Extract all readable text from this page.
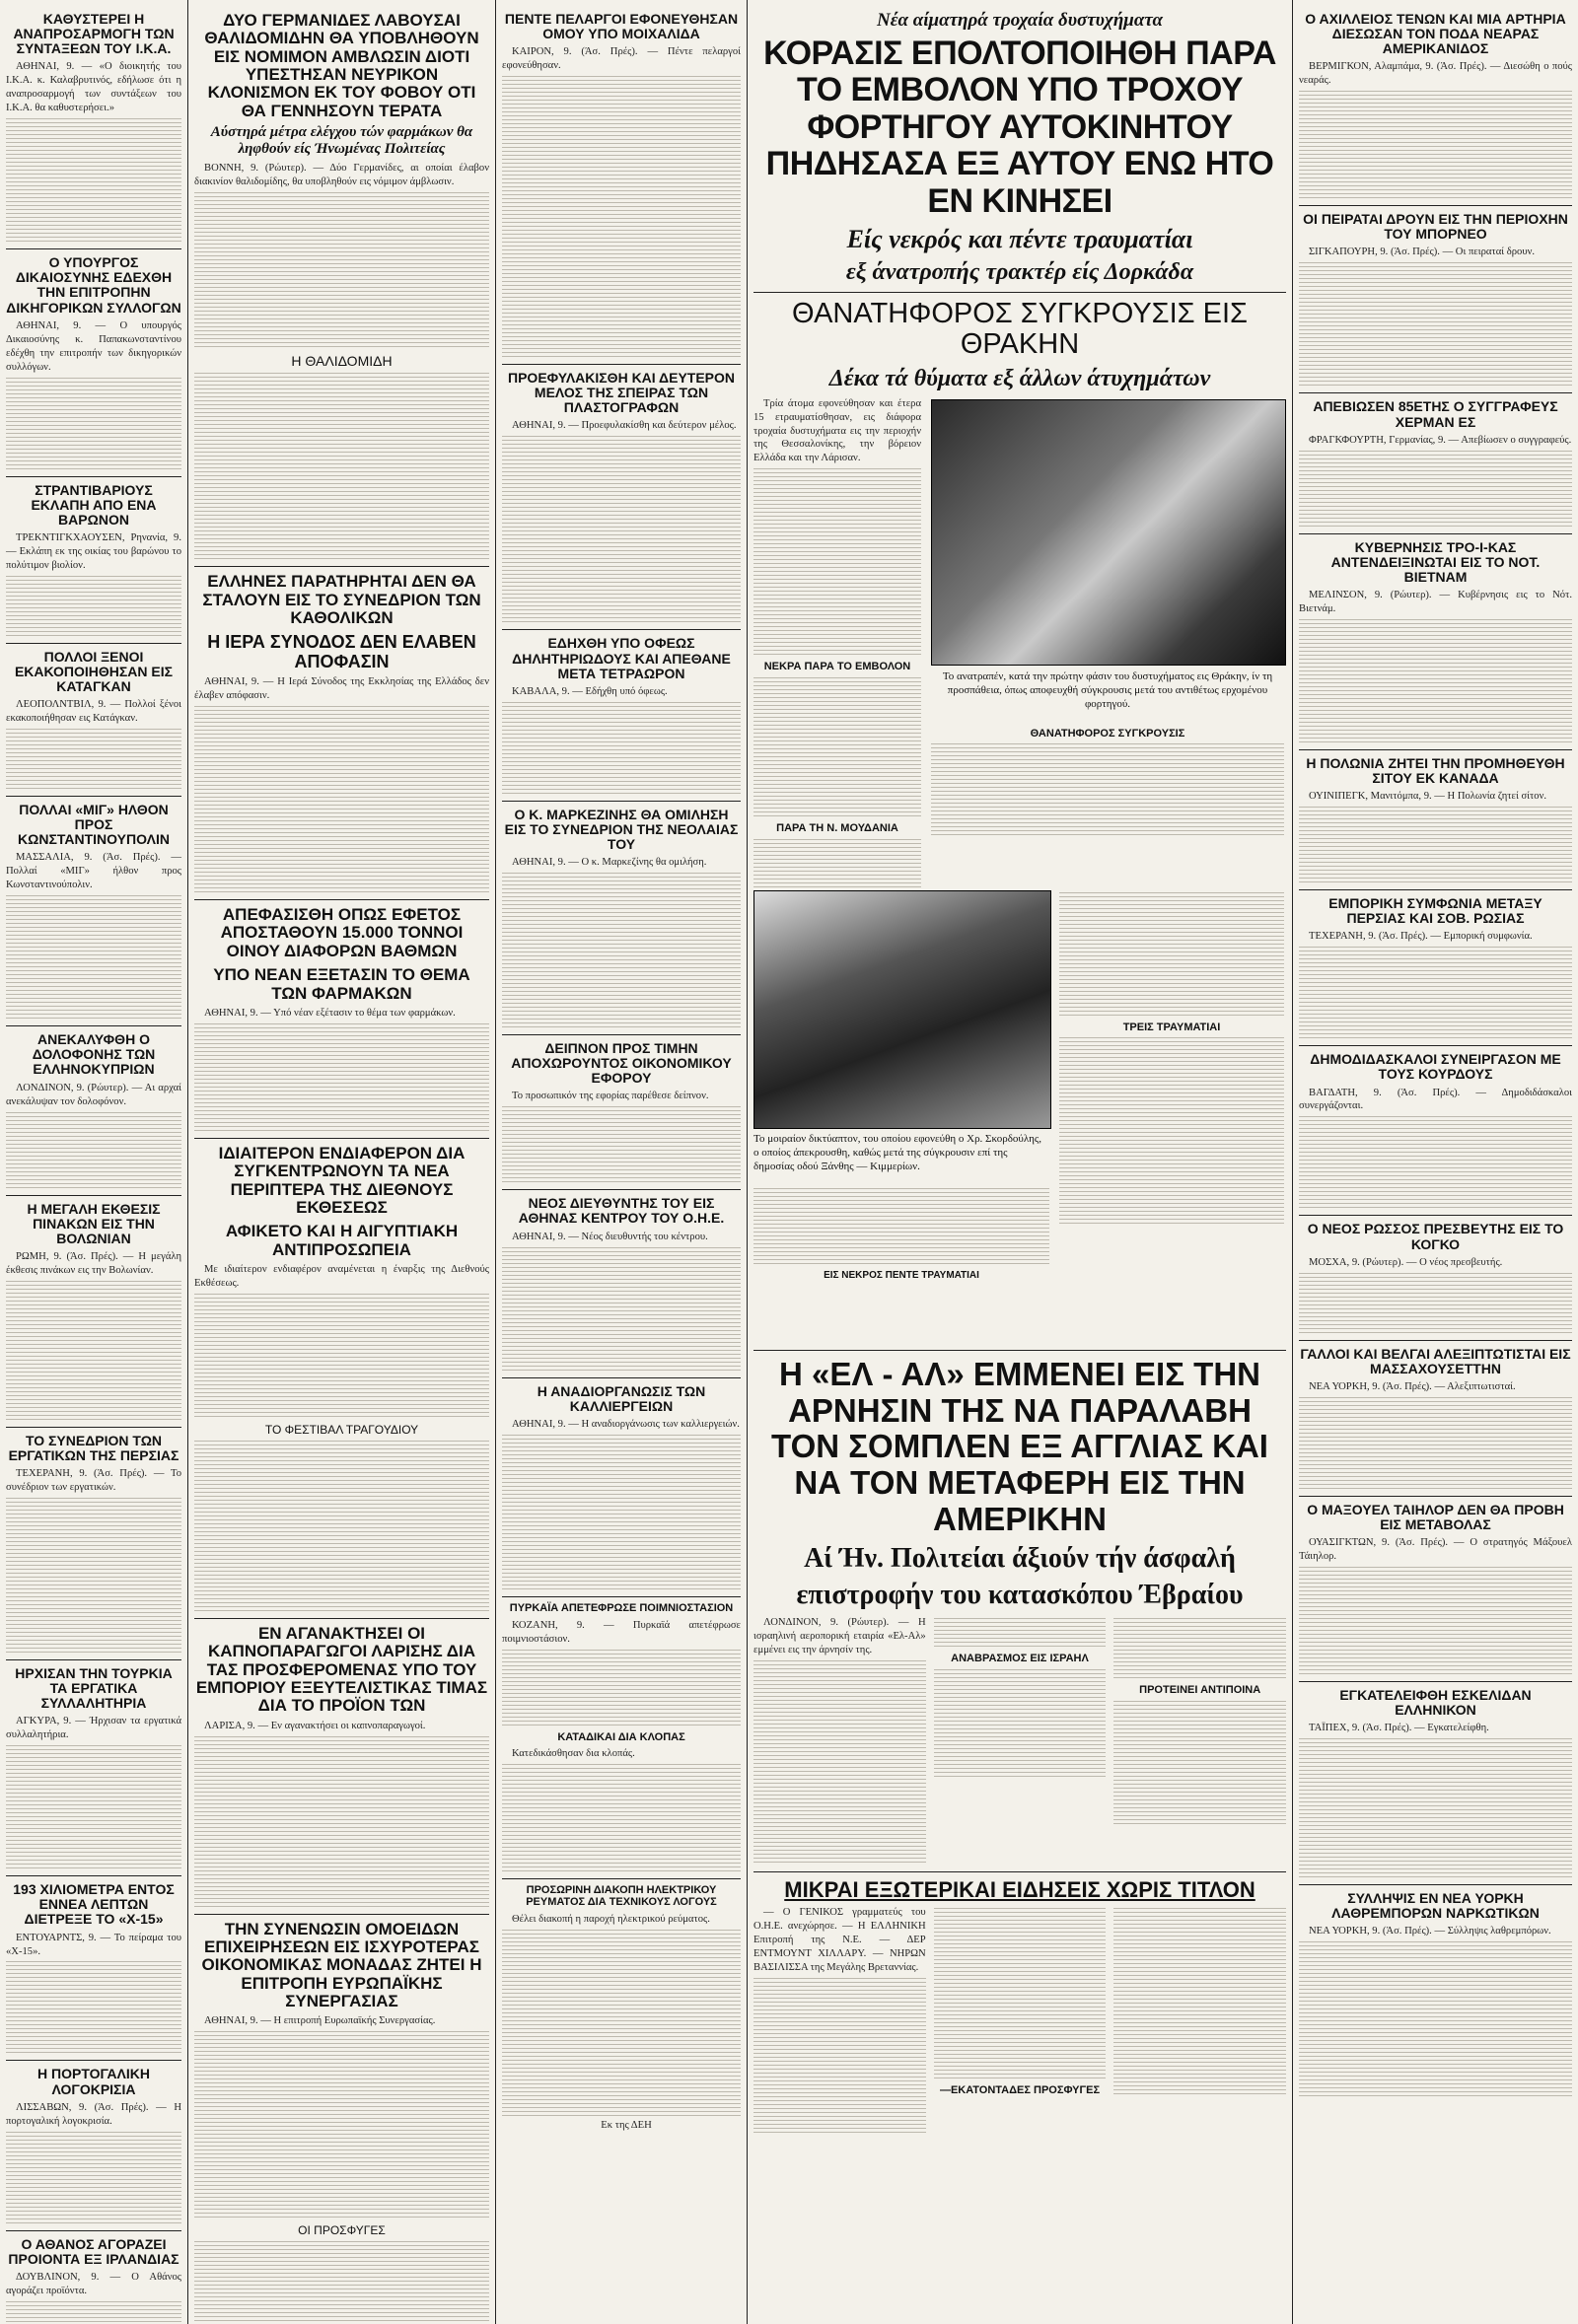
ΚΑΘΥΣΤΕΡΕΙ Η ΑΝΑΠΡΟΣΑΡΜΟΓΗ ΤΩΝ ΣΥΝΤΑΞΕΩΝ ΤΟΥ Ι.Κ.Α.

ΑΘΗΝΑΙ, 9. — «Ο διοικητής του Ι.Κ.Α. κ. Καλαβρυτινός, εδήλωσε ότι η αναπροσαρμογή των συντάξεων του Ι.Κ.Α. θα καθυστερήσει.»

Ο ΥΠΟΥΡΓΟΣ ΔΙΚΑΙΟΣΥΝΗΣ ΕΔΕΧΘΗ ΤΗΝ ΕΠΙΤΡΟΠΗΝ ΔΙΚΗΓΟΡΙΚΩΝ ΣΥΛΛΟΓΩΝ

ΑΘΗΝΑΙ, 9. — Ο υπουργός Δικαιοσύνης κ. Παπακωνσταντίνου εδέχθη την επιτροπήν των δικηγορικών συλλόγων.

ΣΤΡΑΝΤΙΒΑΡΙΟΥΣ ΕΚΛΑΠΗ ΑΠΟ ΕΝΑ ΒΑΡΩΝΟΝ

ΤΡΕΚΝΤΙΓΚΧΑΟΥΣΕΝ, Ρηνανία, 9. — Εκλάπη εκ της οικίας του βαρώνου το πολύτιμον βιολίον.

ΠΟΛΛΟΙ ΞΕΝΟΙ ΕΚΑΚΟΠΟΙΗΘΗΣΑΝ ΕΙΣ ΚΑΤΑΓΚΑΝ

ΛΕΟΠΟΛΝΤΒΙΛ, 9. — Πολλοί ξένοι εκακοποιήθησαν εις Κατάγκαν.

ΠΟΛΛΑΙ «ΜΙΓ» ΗΛΘΟΝ ΠΡΟΣ ΚΩΝΣΤΑΝΤΙΝΟΥΠΟΛΙΝ

ΜΑΣΣΑΛΙΑ, 9. (Άσ. Πρές). — Πολλαί «ΜΙΓ» ήλθον προς Κωνσταντινούπολιν.

ΑΝΕΚΑΛΥΦΘΗ Ο ΔΟΛΟΦΟΝΗΣ ΤΩΝ ΕΛΛΗΝΟΚΥΠΡΙΩΝ

ΛΟΝΔΙΝΟΝ, 9. (Ρώυτερ). — Αι αρχαί ανεκάλυψαν τον δολοφόνον.

Η ΜΕΓΑΛΗ ΕΚΘΕΣΙΣ ΠΙΝΑΚΩΝ ΕΙΣ ΤΗΝ ΒΟΛΩΝΙΑΝ

ΡΩΜΗ, 9. (Άσ. Πρές). — Η μεγάλη έκθεσις πινάκων εις την Βολωνίαν.

ΤΟ ΣΥΝΕΔΡΙΟΝ ΤΩΝ ΕΡΓΑΤΙΚΩΝ ΤΗΣ ΠΕΡΣΙΑΣ

ΤΕΧΕΡΑΝΗ, 9. (Άσ. Πρές). — Το συνέδριον των εργατικών.

ΗΡΧΙΣΑΝ ΤΗΝ ΤΟΥΡΚΙΑ ΤΑ ΕΡΓΑΤΙΚΑ ΣΥΛΛΑΛΗΤΗΡΙΑ

ΑΓΚΥΡΑ, 9. — Ήρχισαν τα εργατικά συλλαλητήρια.

193 ΧΙΛΙΟΜΕΤΡΑ ΕΝΤΟΣ ΕΝΝΕΑ ΛΕΠΤΩΝ ΔΙΕΤΡΕΞΕ ΤΟ «Χ-15»

ΕΝΤΟΥΑΡΝΤΣ, 9. — Το πείραμα του «Χ-15».

Η ΠΟΡΤΟΓΑΛΙΚΗ ΛΟΓΟΚΡΙΣΙΑ

ΛΙΣΣΑΒΩΝ, 9. (Άσ. Πρές). — Η πορτογαλική λογοκρισία.

Ο ΑΘΑΝΟΣ ΑΓΟΡΑΖΕΙ ΠΡΟΙΟΝΤΑ ΕΞ ΙΡΛΑΝΔΙΑΣ

ΔΟΥΒΛΙΝΟΝ, 9. — Ο Αθάνος αγοράζει προϊόντα.

ΔΥΟ ΓΕΡΜΑΝΙΔΕΣ ΛΑΒΟΥΣΑΙ ΘΑΛΙΔΟΜΙΔΗΝ ΘΑ ΥΠΟΒΛΗΘΟΥΝ ΕΙΣ ΝΟΜΙΜΟΝ ΑΜΒΛΩΣΙΝ ΔΙΟΤΙ ΥΠΕΣΤΗΣΑΝ ΝΕΥΡΙΚΟΝ ΚΛΟΝΙΣΜΟΝ ΕΚ ΤΟΥ ΦΟΒΟΥ ΟΤΙ ΘΑ ΓΕΝΝΗΣΟΥΝ ΤΕΡΑΤΑ
Αύστηρά μέτρα ελέγχου τών φαρμάκων θα ληφθούν είς Ήνωμένας Πολιτείας

ΒΟΝΝΗ, 9. (Ρώυτερ). — Δύο Γερμανίδες, αι οποίαι έλαβον διακινίον θαλιδομίδης, θα υποβληθούν εις νόμιμον άμβλωσιν.

Η ΘΑΛΙΔΟΜΙΔΗ
ΕΛΛΗΝΕΣ ΠΑΡΑΤΗΡΗΤΑΙ ΔΕΝ ΘΑ ΣΤΑΛΟΥΝ ΕΙΣ ΤΟ ΣΥΝΕΔΡΙΟΝ ΤΩΝ ΚΑΘΟΛΙΚΩΝ
Η ΙΕΡΑ ΣΥΝΟΔΟΣ ΔΕΝ ΕΛΑΒΕΝ ΑΠΟΦΑΣΙΝ

ΑΘΗΝΑΙ, 9. — Η Ιερά Σύνοδος της Εκκλησίας της Ελλάδος δεν έλαβεν απόφασιν.

ΑΠΕΦΑΣΙΣΘΗ ΟΠΩΣ ΕΦΕΤΟΣ ΑΠΟΣΤΑΘΟΥΝ 15.000 ΤΟΝΝΟΙ ΟΙΝΟΥ ΔΙΑΦΟΡΩΝ ΒΑΘΜΩΝ
ΥΠΟ ΝΕΑΝ ΕΞΕΤΑΣΙΝ ΤΟ ΘΕΜΑ ΤΩΝ ΦΑΡΜΑΚΩΝ

ΑΘΗΝΑΙ, 9. — Υπό νέαν εξέτασιν το θέμα των φαρμάκων.

ΙΔΙΑΙΤΕΡΟΝ ΕΝΔΙΑΦΕΡΟΝ ΔΙΑ ΣΥΓΚΕΝΤΡΩΝΟΥΝ ΤΑ ΝΕΑ ΠΕΡΙΠΤΕΡΑ ΤΗΣ ΔΙΕΘΝΟΥΣ ΕΚΘΕΣΕΩΣ
ΑΦΙΚΕΤΟ ΚΑΙ Η ΑΙΓΥΠΤΙΑΚΗ ΑΝΤΙΠΡΟΣΩΠΕΙΑ

Με ιδιαίτερον ενδιαφέρον αναμένεται η έναρξις της Διεθνούς Εκθέσεως.

ΤΟ ΦΕΣΤΙΒΑΛ ΤΡΑΓΟΥΔΙΟΥ
ΕΝ ΑΓΑΝΑΚΤΗΣΕΙ ΟΙ ΚΑΠΝΟΠΑΡΑΓΩΓΟΙ ΛΑΡΙΣΗΣ ΔΙΑ ΤΑΣ ΠΡΟΣΦΕΡΟΜΕΝΑΣ ΥΠΟ ΤΟΥ ΕΜΠΟΡΙΟΥ ΕΞΕΥΤΕΛΙΣΤΙΚΑΣ ΤΙΜΑΣ ΔΙΑ ΤΟ ΠΡΟΪΟΝ ΤΩΝ

ΛΑΡΙΣΑ, 9. — Εν αγανακτήσει οι καπνοπαραγωγοί.

ΤΗΝ ΣΥΝΕΝΩΣΙΝ ΟΜΟΕΙΔΩΝ ΕΠΙΧΕΙΡΗΣΕΩΝ ΕΙΣ ΙΣΧΥΡΟΤΕΡΑΣ ΟΙΚΟΝΟΜΙΚΑΣ ΜΟΝΑΔΑΣ ΖΗΤΕΙ Η ΕΠΙΤΡΟΠΗ ΕΥΡΩΠΑΪΚΗΣ ΣΥΝΕΡΓΑΣΙΑΣ

ΑΘΗΝΑΙ, 9. — Η επιτροπή Ευρωπαϊκής Συνεργασίας.

ΟΙ ΠΡΟΣΦΥΓΕΣ
ΠΕΝΤΕ ΠΕΛΑΡΓΟΙ ΕΦΟΝΕΥΘΗΣΑΝ ΟΜΟΥ ΥΠΟ ΜΟΙΧΑΛΙΔΑ

ΚΑΙΡΟΝ, 9. (Άσ. Πρές). — Πέντε πελαργοί εφονεύθησαν.

ΠΡΟΕΦΥΛΑΚΙΣΘΗ ΚΑΙ ΔΕΥΤΕΡΟΝ ΜΕΛΟΣ ΤΗΣ ΣΠΕΙΡΑΣ ΤΩΝ ΠΛΑΣΤΟΓΡΑΦΩΝ

ΑΘΗΝΑΙ, 9. — Προεφυλακίσθη και δεύτερον μέλος.

ΕΔΗΧΘΗ ΥΠΟ ΟΦΕΩΣ ΔΗΛΗΤΗΡΙΩΔΟΥΣ ΚΑΙ ΑΠΕΘΑΝΕ ΜΕΤΑ ΤΕΤΡΑΩΡΟΝ

ΚΑΒΑΛΑ, 9. — Εδήχθη υπό όφεως.

Ο Κ. ΜΑΡΚΕΖΙΝΗΣ ΘΑ ΟΜΙΛΗΣΗ ΕΙΣ ΤΟ ΣΥΝΕΔΡΙΟΝ ΤΗΣ ΝΕΟΛΑΙΑΣ ΤΟΥ

ΑΘΗΝΑΙ, 9. — Ο κ. Μαρκεζίνης θα ομιλήση.

ΔΕΙΠΝΟΝ ΠΡΟΣ ΤΙΜΗΝ ΑΠΟΧΩΡΟΥΝΤΟΣ ΟΙΚΟΝΟΜΙΚΟΥ ΕΦΟΡΟΥ

Το προσωπικόν της εφορίας παρέθεσε δείπνον.

ΝΕΟΣ ΔΙΕΥΘΥΝΤΗΣ ΤΟΥ ΕΙΣ ΑΘΗΝΑΣ ΚΕΝΤΡΟΥ ΤΟΥ Ο.Η.Ε.

ΑΘΗΝΑΙ, 9. — Νέος διευθυντής του κέντρου.

Η ΑΝΑΔΙΟΡΓΑΝΩΣΙΣ ΤΩΝ ΚΑΛΛΙΕΡΓΕΙΩΝ

ΑΘΗΝΑΙ, 9. — Η αναδιοργάνωσις των καλλιεργειών.

ΠΥΡΚΑΪΑ ΑΠΕΤΕΦΡΩΣΕ ΠΟΙΜΝΙΟΣΤΑΣΙΟΝ

ΚΟΖΑΝΗ, 9. — Πυρκαϊά απετέφρωσε ποιμνιοστάσιον.

ΚΑΤΑΔΙΚΑΙ ΔΙΑ ΚΛΟΠΑΣ

Κατεδικάσθησαν δια κλοπάς.

ΠΡΟΣΩΡΙΝΗ ΔΙΑΚΟΠΗ ΗΛΕΚΤΡΙΚΟΥ ΡΕΥΜΑΤΟΣ ΔΙΑ ΤΕΧΝΙΚΟΥΣ ΛΟΓΟΥΣ

Θέλει διακοπή η παροχή ηλεκτρικού ρεύματος.

Εκ της ΔΕΗ

Νέα αίματηρά τροχαία δυστυχήματα
ΚΟΡΑΣΙΣ ΕΠΟΛΤΟΠΟΙΗΘΗ ΠΑΡΑ ΤΟ ΕΜΒΟΛΟΝ ΥΠΟ ΤΡΟΧΟΥ ΦΟΡΤΗΓΟΥ ΑΥΤΟΚΙΝΗΤΟΥ ΠΗΔΗΣΑΣΑ ΕΞ ΑΥΤΟΥ ΕΝΩ ΗΤΟ ΕΝ ΚΙΝΗΣΕΙ
Είς νεκρός και πέντε τραυματίαι
εξ άνατροπής τρακτέρ είς Δορκάδα
ΘΑΝΑΤΗΦΟΡΟΣ ΣΥΓΚΡΟΥΣΙΣ ΕΙΣ ΘΡΑΚΗΝ
Δέκα τά θύματα εξ άλλων άτυχημάτων

Τρία άτομα εφονεύθησαν και έτερα 15 ετραυματίσθησαν, εις διάφορα τροχαία δυστυχήματα εις την περιοχήν της Θεσσαλονίκης, την βόρειον Ελλάδα και την Λάρισαν.

ΝΕΚΡΑ ΠΑΡΑ ΤΟ ΕΜΒΟΛΟΝ
ΠΑΡΑ ΤΗ Ν. ΜΟΥΔΑΝΙΑ
Το ανατραπέν, κατά την πρώτην φάσιν του δυστυχήματος εις Θράκην, ίν τη προσπάθεια, όπως αποφευχθή σύγκρουσις μετά του αντιθέτως ερχομένου φορτηγού.
ΘΑΝΑΤΗΦΟΡΟΣ ΣΥΓΚΡΟΥΣΙΣ
Το μοιραίον δικτύαπτον, του οποίου εφονεύθη ο Χρ. Σκορδούλης, ο οποίος άπεκρουσθη, καθώς μετά της σύγκρουσιν επί της δημοσίας οδού Ξάνθης — Κιμμερίων.
ΤΡΕΙΣ ΤΡΑΥΜΑΤΙΑΙ
ΕΙΣ ΝΕΚΡΟΣ ΠΕΝΤΕ ΤΡΑΥΜΑΤΙΑΙ
Η «ΕΛ - ΑΛ» ΕΜΜΕΝΕΙ ΕΙΣ ΤΗΝ ΑΡΝΗΣΙΝ ΤΗΣ ΝΑ ΠΑΡΑΛΑΒΗ ΤΟΝ ΣΟΜΠΛΕΝ ΕΞ ΑΓΓΛΙΑΣ ΚΑΙ ΝΑ ΤΟΝ ΜΕΤΑΦΕΡΗ ΕΙΣ ΤΗΝ ΑΜΕΡΙΚΗΝ
Αί Ήν. Πολιτείαι άξιούν τήν άσφαλή
επιστροφήν του κατασκόπου Έβραίου

ΛΟΝΔΙΝΟΝ, 9. (Ρώυτερ). — Η ισραηλινή αεροπορική εταιρία «Ελ-Αλ» εμμένει εις την άρνησίν της.

ΑΝΑΒΡΑΣΜΟΣ ΕΙΣ ΙΣΡΑΗΛ
ΠΡΟΤΕΙΝΕΙ ΑΝΤΙΠΟΙΝΑ
ΜΙΚΡΑΙ ΕΞΩΤΕΡΙΚΑΙ ΕΙΔΗΣΕΙΣ ΧΩΡΙΣ ΤΙΤΛΟΝ

— Ο ΓΕΝΙΚΟΣ γραμματεύς του Ο.Η.Ε. ανεχώρησε. — Η ΕΛΛΗΝΙΚΗ Επιτροπή της Ν.Ε. — ΔΕΡ ΕΝΤΜΟΥΝΤ ΧΙΛΛΑΡΥ. — ΝΗΡΩΝ ΒΑΣΙΛΙΣΣΑ της Μεγάλης Βρεταννίας.

—ΕΚΑΤΟΝΤΑΔΕΣ ΠΡΟΣΦΥΓΕΣ
Ο ΑΧΙΛΛΕΙΟΣ ΤΕΝΩΝ ΚΑΙ ΜΙΑ ΑΡΤΗΡΙΑ ΔΙΕΣΩΣΑΝ ΤΟΝ ΠΟΔΑ ΝΕΑΡΑΣ ΑΜΕΡΙΚΑΝΙΔΟΣ

ΒΕΡΜΙΓΚΟΝ, Αλαμπάμα, 9. (Άσ. Πρές). — Διεσώθη ο πούς νεαράς.

ΟΙ ΠΕΙΡΑΤΑΙ ΔΡΟΥΝ ΕΙΣ ΤΗΝ ΠΕΡΙΟΧΗΝ ΤΟΥ ΜΠΟΡΝΕΟ

ΣΙΓΚΑΠΟΥΡΗ, 9. (Άσ. Πρές). — Οι πειραταί δρουν.

ΑΠΕΒΙΩΣΕΝ 85ΕΤΗΣ Ο ΣΥΓΓΡΑΦΕΥΣ ΧΕΡΜΑΝ ΕΣ

ΦΡΑΓΚΦΟΥΡΤΗ, Γερμανίας, 9. — Απεβίωσεν ο συγγραφεύς.

ΚΥΒΕΡΝΗΣΙΣ ΤΡΟ-Ι-ΚΑΣ ΑΝΤΕΝΔΕΙΞΙΝΩΤΑΙ ΕΙΣ ΤΟ ΝΟΤ. ΒΙΕΤΝΑΜ

ΜΕΛΙΝΣΟΝ, 9. (Ρώυτερ). — Κυβέρνησις εις το Νότ. Βιετνάμ.

Η ΠΟΛΩΝΙΑ ΖΗΤΕΙ ΤΗΝ ΠΡΟΜΗΘΕΥΘΗ ΣΙΤΟΥ ΕΚ ΚΑΝΑΔΑ

ΟΥΙΝΙΠΕΓΚ, Μανιτόμπα, 9. — Η Πολωνία ζητεί σίτον.

ΕΜΠΟΡΙΚΗ ΣΥΜΦΩΝΙΑ ΜΕΤΑΞΥ ΠΕΡΣΙΑΣ ΚΑΙ ΣΟΒ. ΡΩΣΙΑΣ

ΤΕΧΕΡΑΝΗ, 9. (Άσ. Πρές). — Εμπορική συμφωνία.

ΔΗΜΟΔΙΔΑΣΚΑΛΟΙ ΣΥΝΕΙΡΓΑΣΟΝ ΜΕ ΤΟΥΣ ΚΟΥΡΔΟΥΣ

ΒΑΓΔΑΤΗ, 9. (Άσ. Πρές). — Δημοδιδάσκαλοι συνεργάζονται.

Ο ΝΕΟΣ ΡΩΣΣΟΣ ΠΡΕΣΒΕΥΤΗΣ ΕΙΣ ΤΟ ΚΟΓΚΟ

ΜΟΣΧΑ, 9. (Ρώυτερ). — Ο νέος πρεσβευτής.

ΓΑΛΛΟΙ ΚΑΙ ΒΕΛΓΑΙ ΑΛΕΞΙΠΤΩΤΙΣΤΑΙ ΕΙΣ ΜΑΣΣΑΧΟΥΣΕΤΤΗΝ

ΝΕΑ ΥΟΡΚΗ, 9. (Άσ. Πρές). — Αλεξιπτωτισταί.

Ο ΜΑΞΟΥΕΛ ΤΑΙΗΛΟΡ ΔΕΝ ΘΑ ΠΡΟΒΗ ΕΙΣ ΜΕΤΑΒΟΛΑΣ

ΟΥΑΣΙΓΚΤΩΝ, 9. (Άσ. Πρές). — Ο στρατηγός Μάξουελ Τάιηλορ.

ΕΓΚΑΤΕΛΕΙΦΘΗ ΕΣΚΕΛΙΔΑΝ ΕΛΛΗΝΙΚΟΝ

ΤΑΪΠΕΧ, 9. (Άσ. Πρές). — Εγκατελείφθη.

ΣΥΛΛΗΨΙΣ ΕΝ ΝΕΑ ΥΟΡΚΗ ΛΑΘΡΕΜΠΟΡΩΝ ΝΑΡΚΩΤΙΚΩΝ

ΝΕΑ ΥΟΡΚΗ, 9. (Άσ. Πρές). — Σύλληψις λαθρεμπόρων.
